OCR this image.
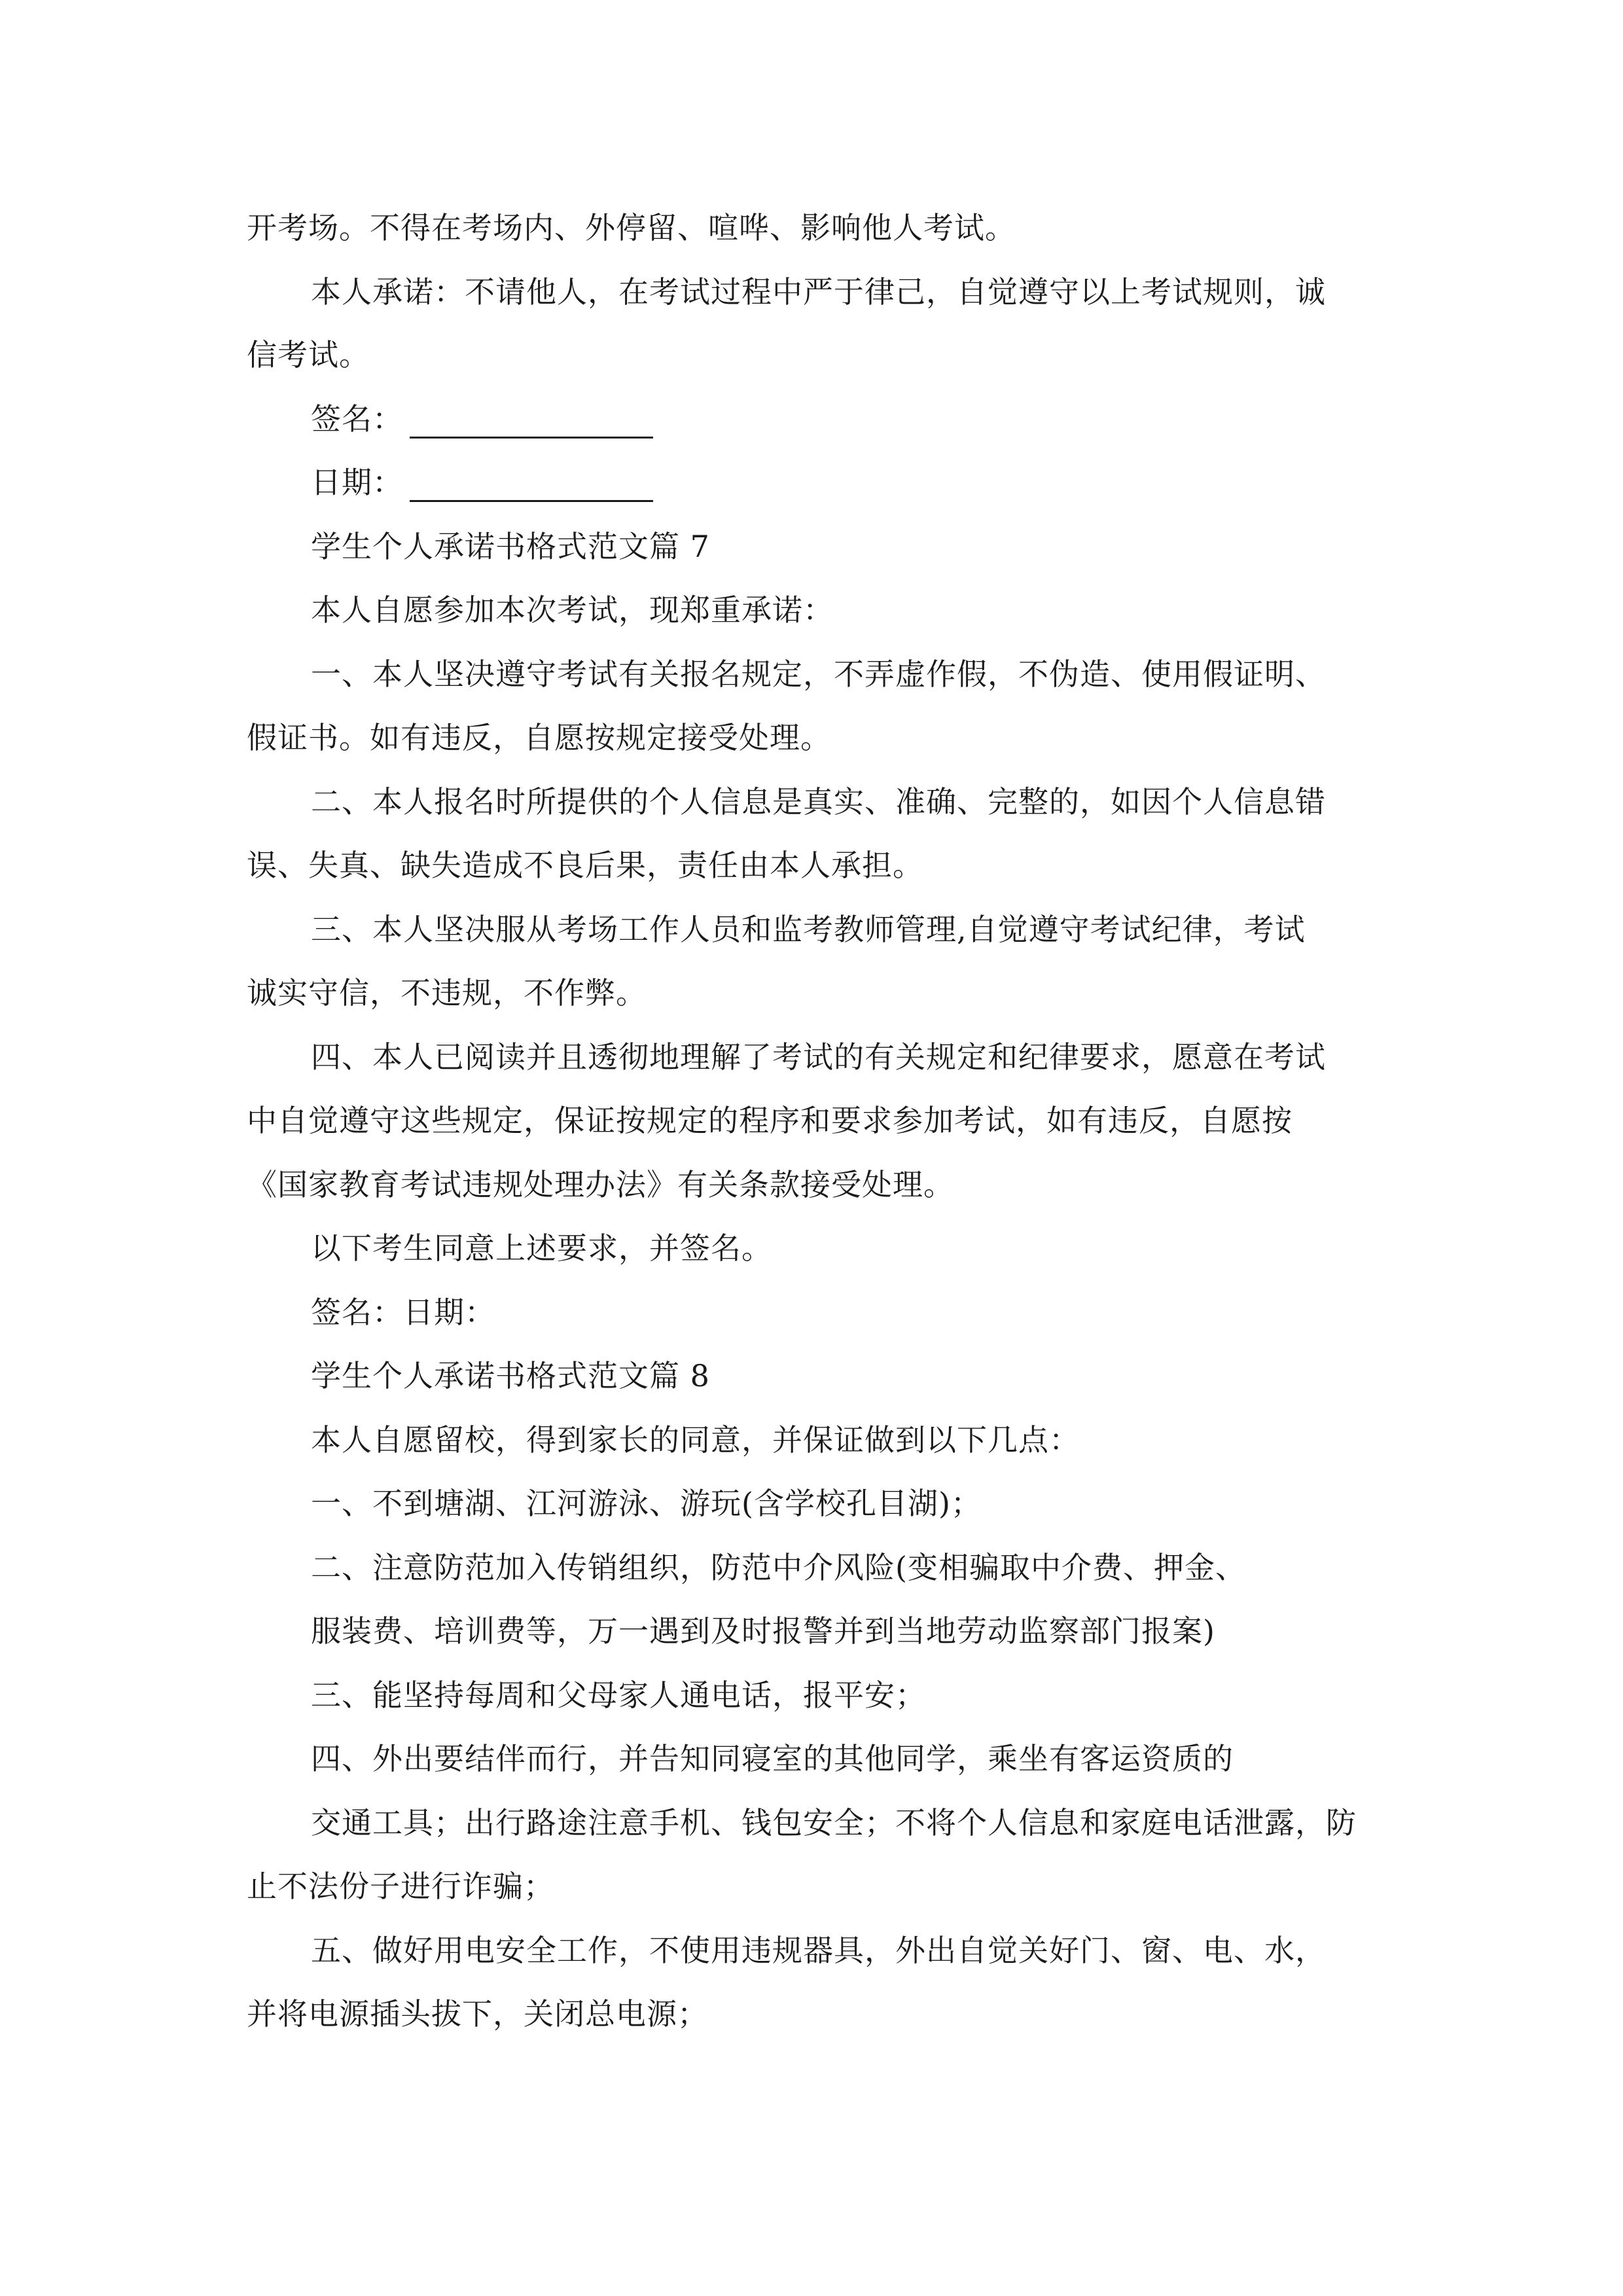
开考场。不得在考场内、外停留、喧哗、影响他人考试。
本人承诺：不请他人，在考试过程中严于律己，自觉遵守以上考试规则，诚
信考试。
签名：
日期：
学生个人承诺书格式范文篇 7
本人自愿参加本次考试，现郑重承诺：
一、本人坚决遵守考试有关报名规定，不弄虚作假，不伪造、使用假证明、
假证书。如有违反，自愿按规定接受处理。
二、本人报名时所提供的个人信息是真实、准确、完整的，如因个人信息错
误、失真、缺失造成不良后果，责任由本人承担。
三、本人坚决服从考场工作人员和监考教师管理,自觉遵守考试纪律，考试
诚实守信，不违规，不作弊。
四、本人已阅读并且透彻地理解了考试的有关规定和纪律要求，愿意在考试
中自觉遵守这些规定，保证按规定的程序和要求参加考试，如有违反，自愿按
《国家教育考试违规处理办法》有关条款接受处理。
以下考生同意上述要求，并签名。
签名：日期：
学生个人承诺书格式范文篇 8
本人自愿留校，得到家长的同意，并保证做到以下几点：
一、不到塘湖、江河游泳、游玩(含学校孔目湖)；
二、注意防范加入传销组织，防范中介风险(变相骗取中介费、押金、
服装费、培训费等，万一遇到及时报警并到当地劳动监察部门报案)
三、能坚持每周和父母家人通电话，报平安；
四、外出要结伴而行，并告知同寝室的其他同学，乘坐有客运资质的
交通工具；出行路途注意手机、钱包安全；不将个人信息和家庭电话泄露，防
止不法份子进行诈骗；
五、做好用电安全工作，不使用违规器具，外出自觉关好门、窗、电、水，
并将电源插头拔下，关闭总电源；
